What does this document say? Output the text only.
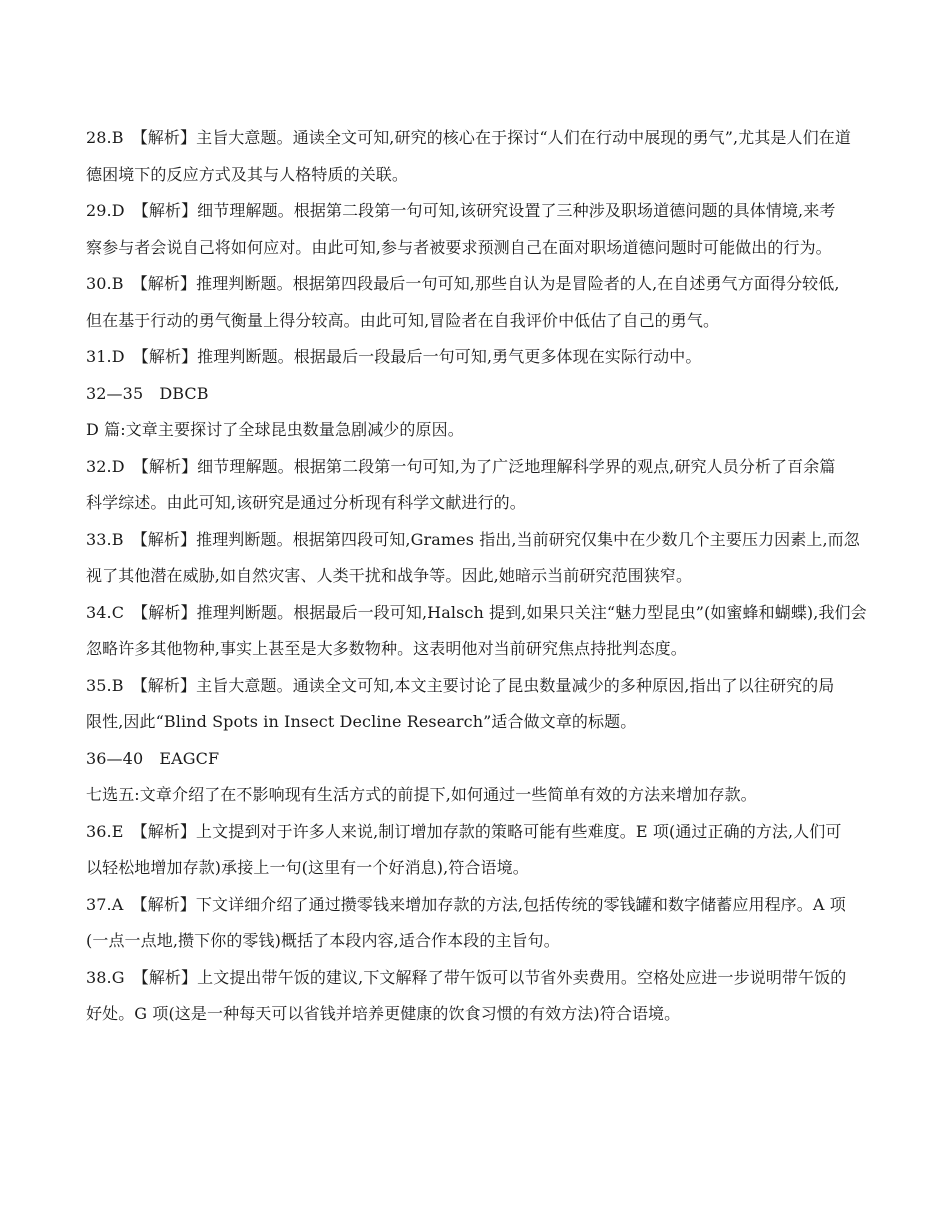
28.B　【解析】主旨大意题。通读全文可知,研究的核心在于探讨“人们在行动中展现的勇气”,尤其是人们在道
德困境下的反应方式及其与人格特质的关联。
29.D　【解析】细节理解题。根据第二段第一句可知,该研究设置了三种涉及职场道德问题的具体情境,来考
察参与者会说自己将如何应对。由此可知,参与者被要求预测自己在面对职场道德问题时可能做出的行为。
30.B　【解析】推理判断题。根据第四段最后一句可知,那些自认为是冒险者的人,在自述勇气方面得分较低,
但在基于行动的勇气衡量上得分较高。由此可知,冒险者在自我评价中低估了自己的勇气。
31.D　【解析】推理判断题。根据最后一段最后一句可知,勇气更多体现在实际行动中。
32—35　DBCB
D 篇:文章主要探讨了全球昆虫数量急剧减少的原因。
32.D　【解析】细节理解题。根据第二段第一句可知,为了广泛地理解科学界的观点,研究人员分析了百余篇
科学综述。由此可知,该研究是通过分析现有科学文献进行的。
33.B　【解析】推理判断题。根据第四段可知,Grames 指出,当前研究仅集中在少数几个主要压力因素上,而忽
视了其他潜在威胁,如自然灾害、人类干扰和战争等。因此,她暗示当前研究范围狭窄。
34.C　【解析】推理判断题。根据最后一段可知,Halsch 提到,如果只关注“魅力型昆虫”(如蜜蜂和蝴蝶),我们会
忽略许多其他物种,事实上甚至是大多数物种。这表明他对当前研究焦点持批判态度。
35.B　【解析】主旨大意题。通读全文可知,本文主要讨论了昆虫数量减少的多种原因,指出了以往研究的局
限性,因此“Blind Spots in Insect Decline Research”适合做文章的标题。
36—40　EAGCF
七选五:文章介绍了在不影响现有生活方式的前提下,如何通过一些简单有效的方法来增加存款。
36.E　【解析】上文提到对于许多人来说,制订增加存款的策略可能有些难度。E 项(通过正确的方法,人们可
以轻松地增加存款)承接上一句(这里有一个好消息),符合语境。
37.A　【解析】下文详细介绍了通过攒零钱来增加存款的方法,包括传统的零钱罐和数字储蓄应用程序。A 项
(一点一点地,攒下你的零钱)概括了本段内容,适合作本段的主旨句。
38.G　【解析】上文提出带午饭的建议,下文解释了带午饭可以节省外卖费用。空格处应进一步说明带午饭的
好处。G 项(这是一种每天可以省钱并培养更健康的饮食习惯的有效方法)符合语境。
